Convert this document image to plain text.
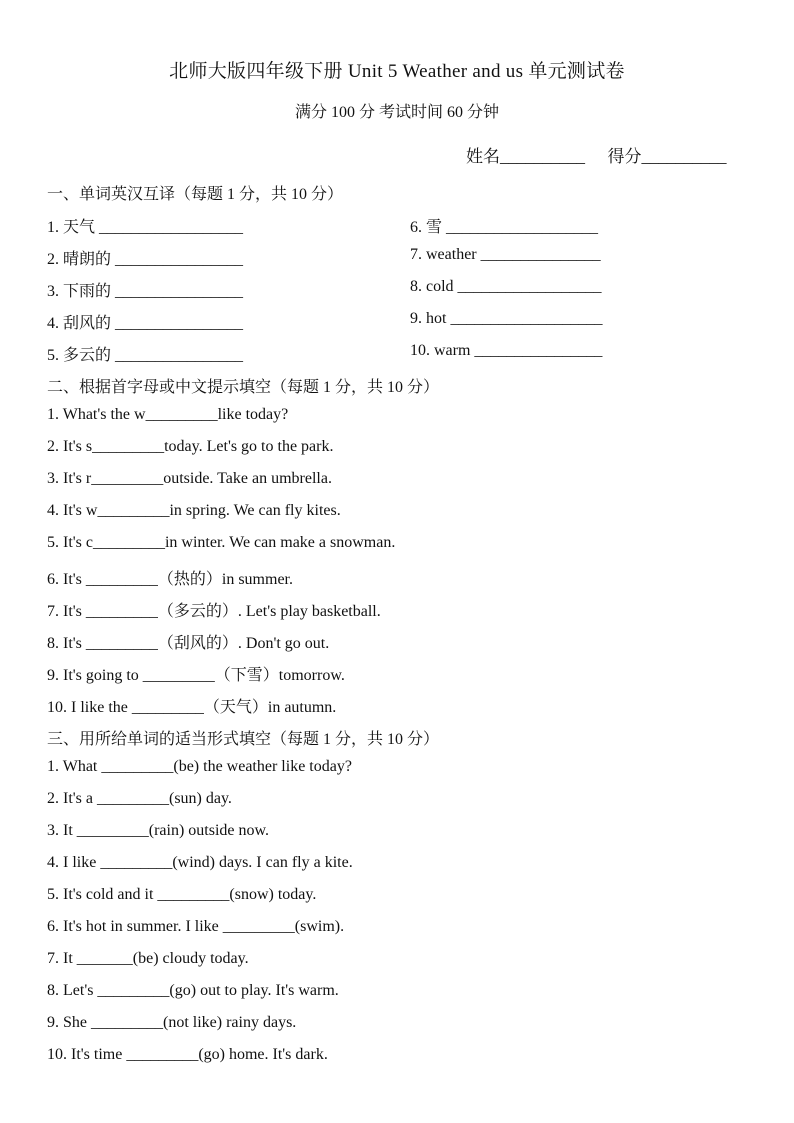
北师大版四年级下册 Unit 5 Weather and us 单元测试卷
满分 100 分 考试时间 60 分钟
姓名__________ 得分__________
一、单词英汉互译（每题 1 分，共 10 分）
1. 天气 __________________
2. 晴朗的 ________________
3. 下雨的 ________________
4. 刮风的 ________________
5. 多云的 ________________
6. 雪 ___________________
7. weather _______________
8. cold __________________
9. hot ___________________
10. warm ________________
二、根据首字母或中文提示填空（每题 1 分，共 10 分）
1. What's the w_________like today?
2. It's s_________today. Let's go to the park.
3. It's r_________outside. Take an umbrella.
4. It's w_________in spring. We can fly kites.
5. It's c_________in winter. We can make a snowman.
6. It's _________（热的）in summer.
7. It's _________（多云的）. Let's play basketball.
8. It's _________（刮风的）. Don't go out.
9. It's going to _________（下雪）tomorrow.
10. I like the _________（天气）in autumn.
三、用所给单词的适当形式填空（每题 1 分，共 10 分）
1. What _________(be) the weather like today?
2. It's a _________(sun) day.
3. It _________(rain) outside now.
4. I like _________(wind) days. I can fly a kite.
5. It's cold and it _________(snow) today.
6. It's hot in summer. I like _________(swim).
7. It _______(be) cloudy today.
8. Let's _________(go) out to play. It's warm.
9. She _________(not like) rainy days.
10. It's time _________(go) home. It's dark.
